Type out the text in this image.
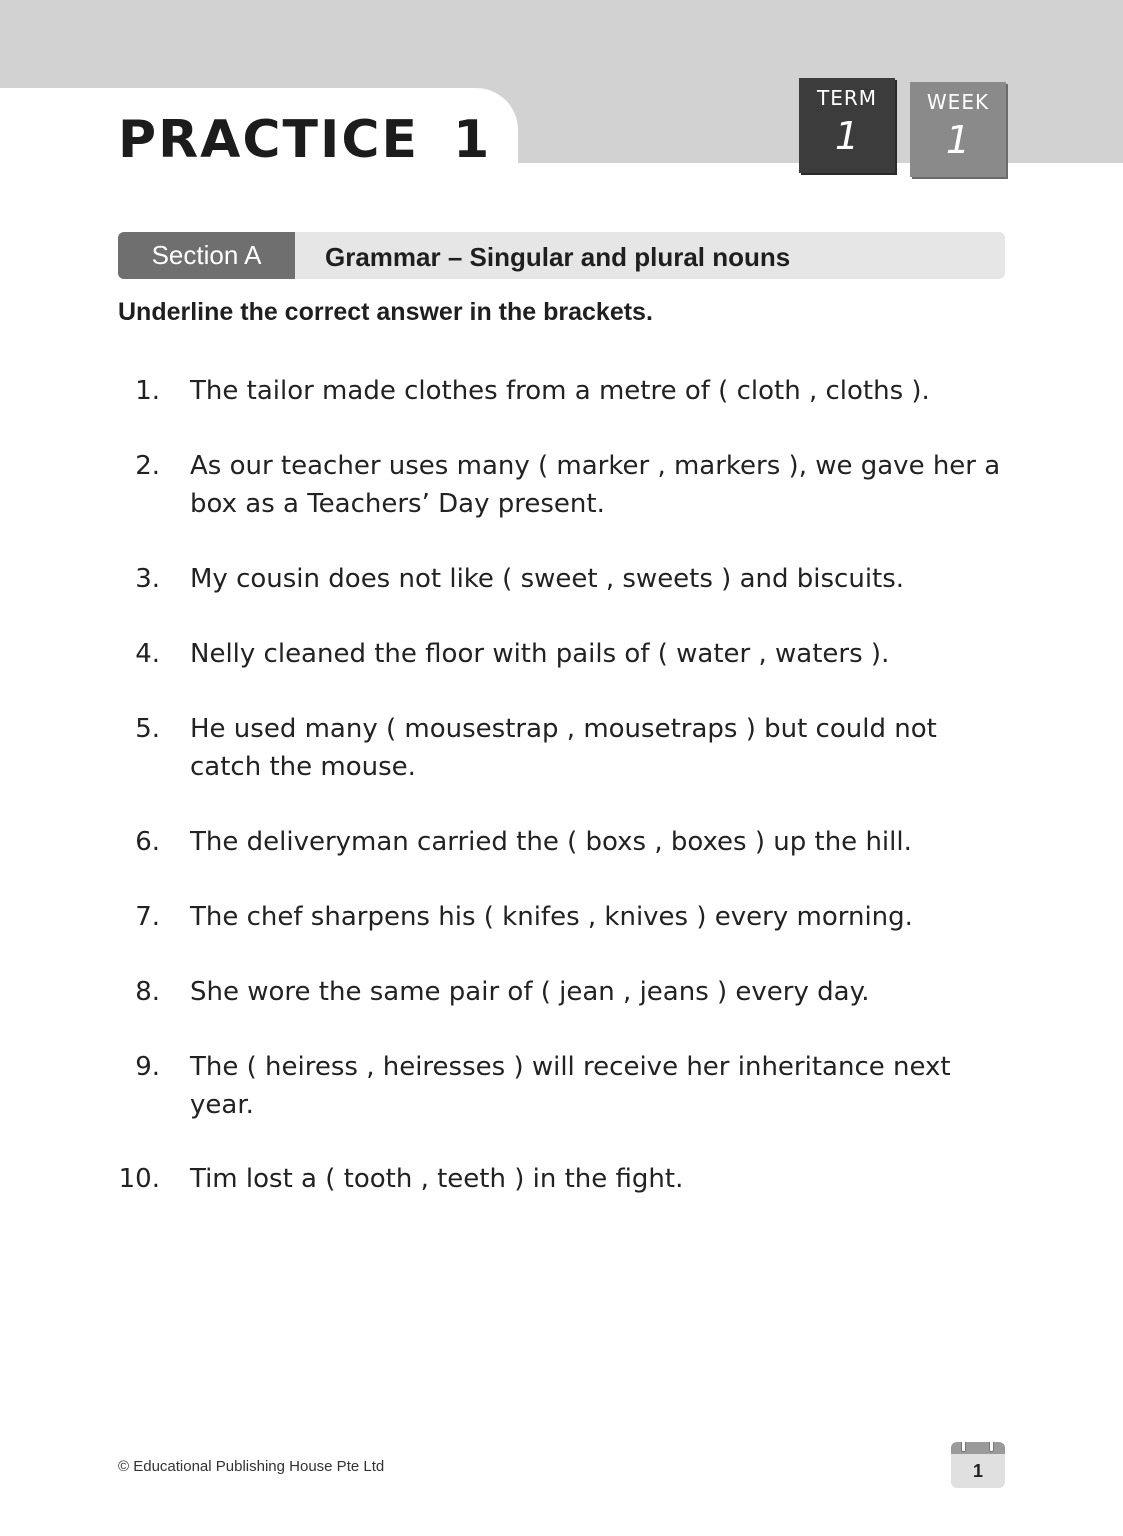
PRACTICE 1
TERM
1
WEEK
1
Section A	Grammar – Singular and plural nouns

Underline the correct answer in the brackets.

1. The tailor made clothes from a metre of ( cloth , cloths ).
2. As our teacher uses many ( marker , markers ), we gave her a box as a Teachers’ Day present.
3. My cousin does not like ( sweet , sweets ) and biscuits.
4. Nelly cleaned the floor with pails of ( water , waters ).
5. He used many ( mousestrap , mousetraps ) but could not catch the mouse.
6. The deliveryman carried the ( boxs , boxes ) up the hill.
7. The chef sharpens his ( knifes , knives ) every morning.
8. She wore the same pair of ( jean , jeans ) every day.
9. The ( heiress , heiresses ) will receive her inheritance next year.
10. Tim lost a ( tooth , teeth ) in the fight.
© Educational Publishing House Pte Ltd	1
